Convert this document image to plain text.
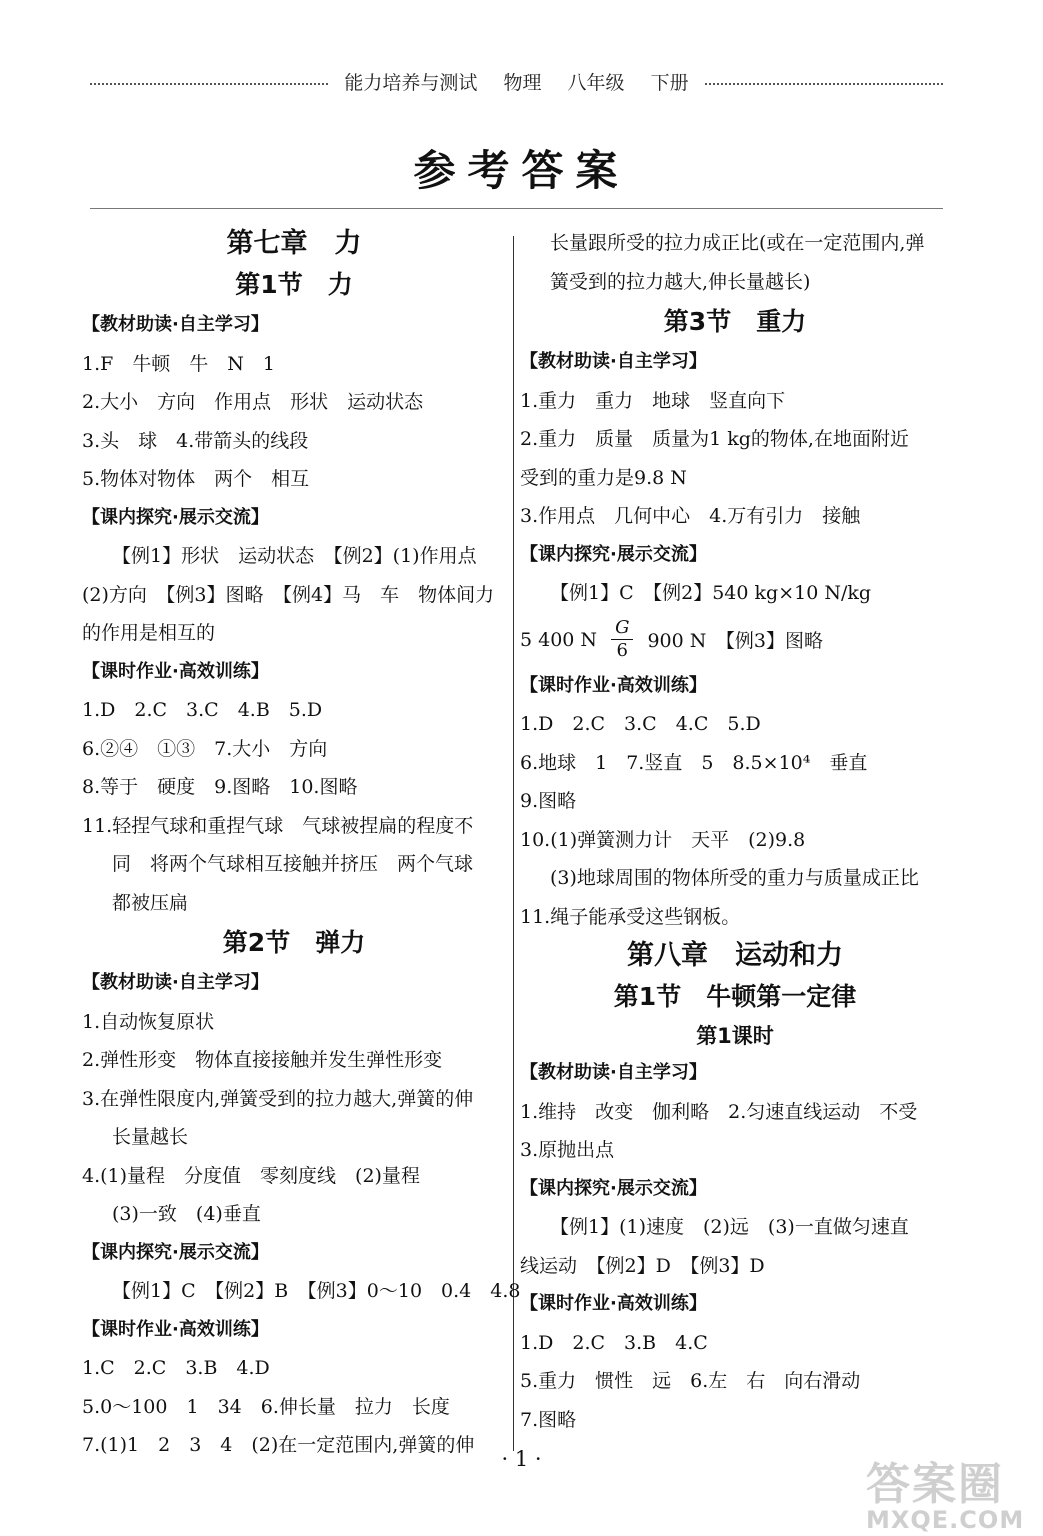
能力培养与测试 物理 八年级 下册
参考答案
第七章　力
第1节　力
【教材助读·自主学习】
1.F　牛顿　牛　N　1
2.大小　方向　作用点　形状　运动状态
3.头　球　4.带箭头的线段
5.物体对物体　两个　相互
【课内探究·展示交流】
【例1】形状　运动状态　【例2】(1)作用点
(2)方向　【例3】图略　【例4】马　车　物体间力
的作用是相互的
【课时作业·高效训练】
1.D　2.C　3.C　4.B　5.D
6.②④　①③　7.大小　方向
8.等于　硬度　9.图略　10.图略
11.轻捏气球和重捏气球　气球被捏扁的程度不
同　将两个气球相互接触并挤压　两个气球
都被压扁
第2节　弹力
【教材助读·自主学习】
1.自动恢复原状
2.弹性形变　物体直接接触并发生弹性形变
3.在弹性限度内,弹簧受到的拉力越大,弹簧的伸
长量越长
4.(1)量程　分度值　零刻度线　(2)量程
(3)一致　(4)垂直
【课内探究·展示交流】
【例1】C　【例2】B　【例3】0～10　0.4　4.8
【课时作业·高效训练】
1.C　2.C　3.B　4.D
5.0～100　1　34　6.伸长量　拉力　长度
7.(1)1　2　3　4　(2)在一定范围内,弹簧的伸
长量跟所受的拉力成正比(或在一定范围内,弹
簧受到的拉力越大,伸长量越长)
第3节　重力
【教材助读·自主学习】
1.重力　重力　地球　竖直向下
2.重力　质量　质量为1 kg的物体,在地面附近
受到的重力是9.8 N
3.作用点　几何中心　4.万有引力　接触
【课内探究·展示交流】
【例1】C　【例2】540 kg×10 N/kg
5 400 N $\frac{G}{6} 900$ N　【例3】图略
【课时作业·高效训练】
1.D　2.C　3.C　4.C　5.D
6.地球　1　7.竖直　5　8.5×10⁴　垂直
9.图略
10.(1)弹簧测力计　天平　(2)9.8
(3)地球周围的物体所受的重力与质量成正比
11.绳子能承受这些钢板。
第八章　运动和力
第1节　牛顿第一定律
第1课时
【教材助读·自主学习】
1.维持　改变　伽利略　2.匀速直线运动　不受
3.原抛出点
【课内探究·展示交流】
【例1】(1)速度　(2)远　(3)一直做匀速直
线运动　【例2】D　【例3】D
【课时作业·高效训练】
1.D　2.C　3.B　4.C
5.重力　惯性　远　6.左　右　向右滑动
7.图略
· 1 ·	答案圈
MXQE.COM
